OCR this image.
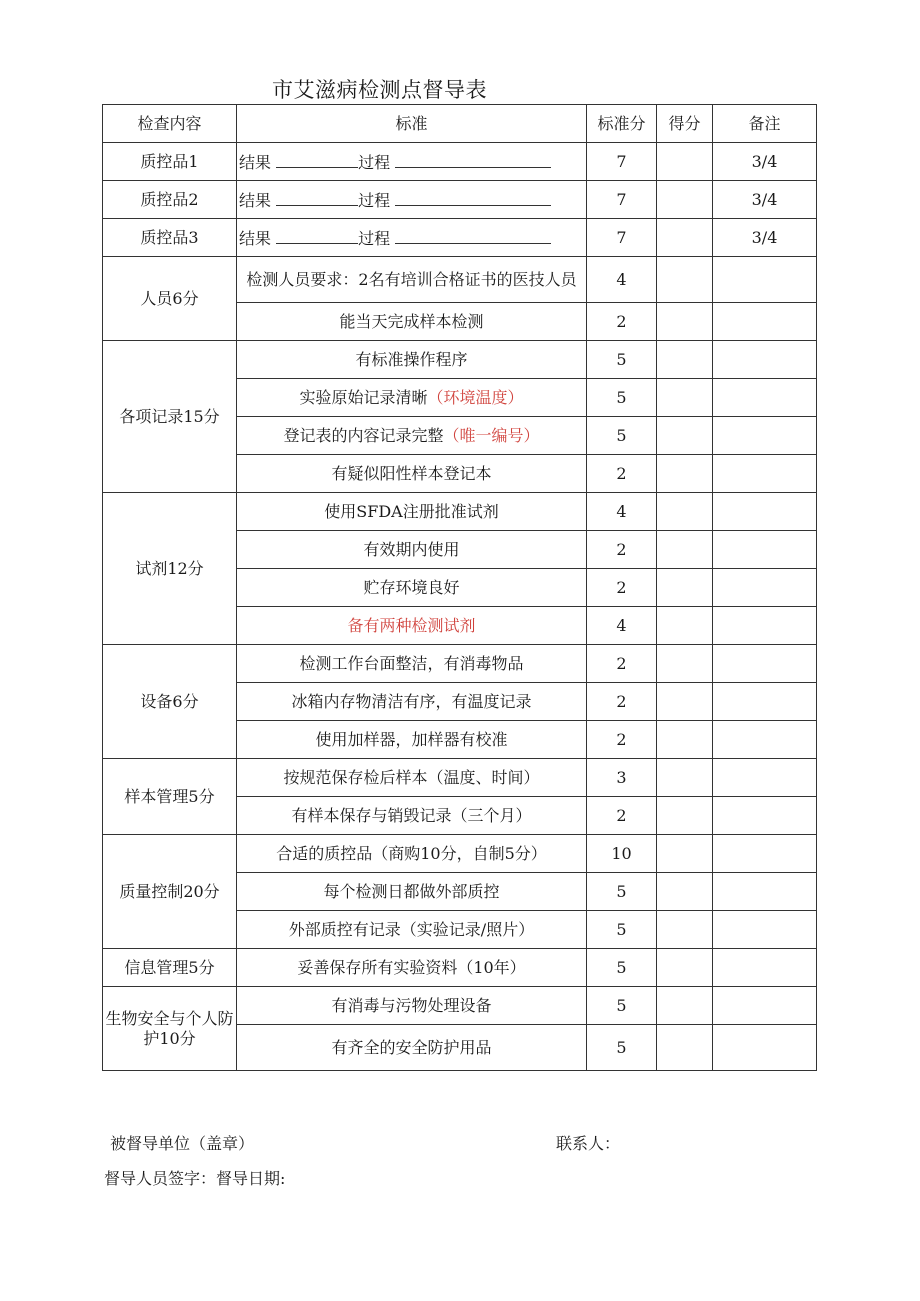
市艾滋病检测点督导表
检查内容	标准	标准分	得分	备注
质控品1	结果 过程	7		3/4
质控品2	结果 过程	7		3/4
质控品3	结果 过程	7		3/4
人员6分	检测人员要求：2名有培训合格证书的医技人员	4		
	能当天完成样本检测	2		
各项记录15分	有标准操作程序	5		
	实验原始记录清晰（环境温度）	5		
	登记表的内容记录完整（唯一编号）	5		
	有疑似阳性样本登记本	2		
试剂12分	使用SFDA注册批准试剂	4		
	有效期内使用	2		
	贮存环境良好	2		
	备有两种检测试剂	4		
设备6分	检测工作台面整洁，有消毒物品	2		
	冰箱内存物清洁有序，有温度记录	2		
	使用加样器，加样器有校准	2		
样本管理5分	按规范保存检后样本（温度、时间）	3		
	有样本保存与销毁记录（三个月）	2		
质量控制20分	合适的质控品（商购10分，自制5分）	10		
	每个检测日都做外部质控	5		
	外部质控有记录（实验记录/照片）	5		
信息管理5分	妥善保存所有实验资料（10年）	5		
生物安全与个人防护10分	有消毒与污物处理设备	5		
	有齐全的安全防护用品	5		
被督导单位（盖章）	联系人：
督导人员签字：督导日期:
